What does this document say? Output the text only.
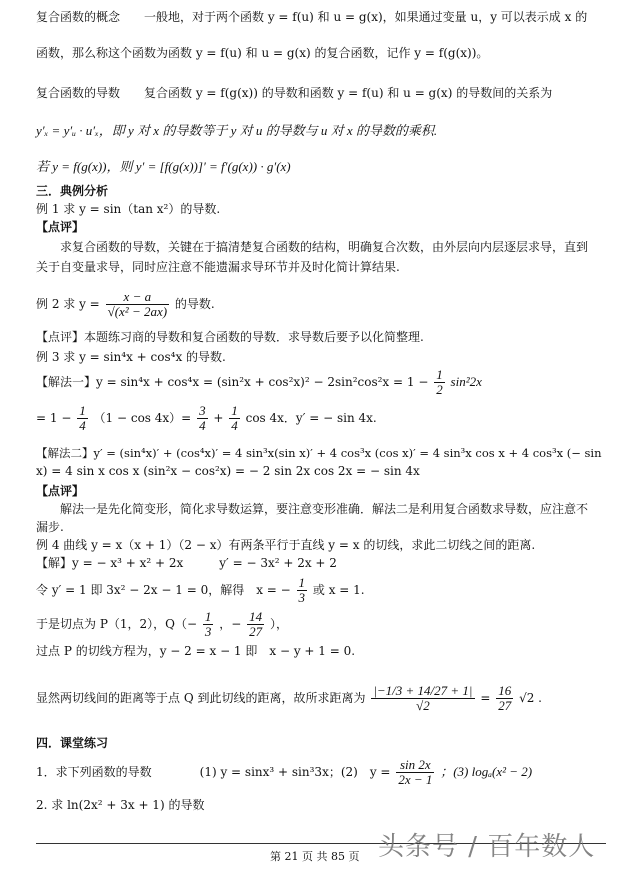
复合函数的概念　　一般地，对于两个函数 y = f(u) 和 u = g(x)，如果通过变量 u，y 可以表示成 x 的
函数，那么称这个函数为函数 y = f(u) 和 u = g(x) 的复合函数，记作 y = f(g(x))。
复合函数的导数　　复合函数 y = f(g(x)) 的导数和函数 y = f(u) 和 u = g(x) 的导数间的关系为
y′ₓ = y′ᵤ · u′ₓ，即 y 对 x 的导数等于 y 对 u 的导数与 u 对 x 的导数的乘积.
若 y = f(g(x))，则 y′ = [f(g(x))]′ = f′(g(x)) · g′(x)
三．典例分析
例 1 求 y = sin（tan x²）的导数.
【点评】
求复合函数的导数，关键在于搞清楚复合函数的结构，明确复合次数，由外层向内层逐层求导，直到
关于自变量求导，同时应注意不能遗漏求导环节并及时化简计算结果.
例 2 求 $y = \frac{x - a}{\text{√(x² − 2ax)}}$ 的导数.
【点评】本题练习商的导数和复合函数的导数．求导数后要予以化简整理.
例 3 求 y = sin⁴x + cos⁴x 的导数.
【解法一】$y = \sin^4x + \cos^4x = (\sin^2x + \cos^2x)^2 - 2\sin^2\cos^2x = 1 - \frac{1}{2} \sin^22x$
= $1 - \frac{1}{4} (1 - \cos 4x)= \frac{3}{4} + \frac{1}{4}$ cos 4x．y′ = − sin 4x.
【解法二】y′ = (sin⁴x)′ + (cos⁴x)′ = 4 sin³x(sin x)′ + 4 cos³x (cos x)′ = 4 sin³x cos x + 4 cos³x (− sin
x) = 4 sin x cos x (sin²x − cos²x) = − 2 sin 2x cos 2x = − sin 4x
【点评】
解法一是先化简变形，简化求导数运算，要注意变形准确．解法二是利用复合函数求导数，应注意不
漏步.
例 4 曲线 y = x（x + 1）（2 − x）有两条平行于直线 y = x 的切线，求此二切线之间的距离.
【解】y = − x³ + x² + 2x　　　y′ = − 3x² + 2x + 2
令 y′ = 1 即 3x² − 2x − 1 = 0，解得　x = − $\frac{1}{3}$ 或 x = 1.
于是切点为 P（1，2），$Q(- \frac{1}{3}$ ，− $\frac{14}{27}$ ），
过点 P 的切线方程为，y − 2 = x − 1 即　x − y + 1 = 0.
显然两切线间的距离等于点 Q 到此切线的距离，故所求距离为 $\frac{|-1/3 + 14/27 + 1|}{√2} = \frac{16}{27} √2$ .
四．课堂练习
1．求下列函数的导数　　　　(1) y = sinx³ + sin³3x；(2)　$y = \frac{\sin 2x}{2x - 1}$ ；(3) logₐ(x² − 2)
2. 求 ln(2x² + 3x + 1) 的导数
第 21 页 共 85 页 头条号 / 百年数人
